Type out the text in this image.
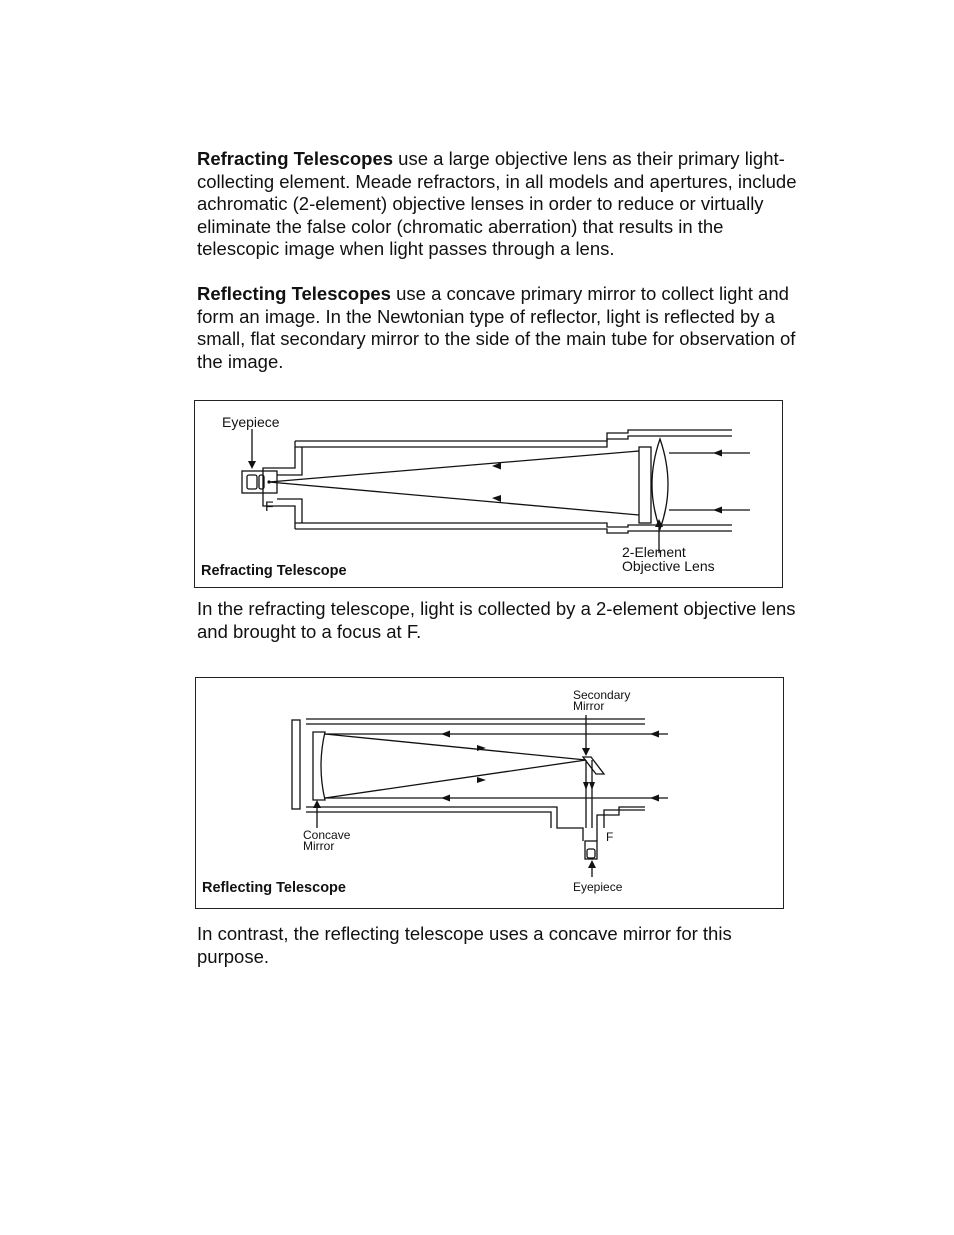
Refracting Telescopes use a large objective lens as their primary light-collecting element. Meade refractors, in all models and apertures, include achromatic (2-element) objective lenses in order to reduce or virtually eliminate the false color (chromatic aberration) that results in the telescopic image when light passes through a lens.

Reflecting Telescopes use a concave primary mirror to collect light and form an image. In the Newtonian type of reflector, light is reflected by a small, flat secondary mirror to the side of the main tube for observation of the image.

Eyepiece
F
2-Element
Objective Lens
Refracting Telescope

In the refracting telescope, light is collected by a 2-element objective lens and brought to a focus at F.

Secondary
Mirror
Concave
Mirror
F
Eyepiece
Reflecting Telescope

In contrast, the reflecting telescope uses a concave mirror for this purpose.
